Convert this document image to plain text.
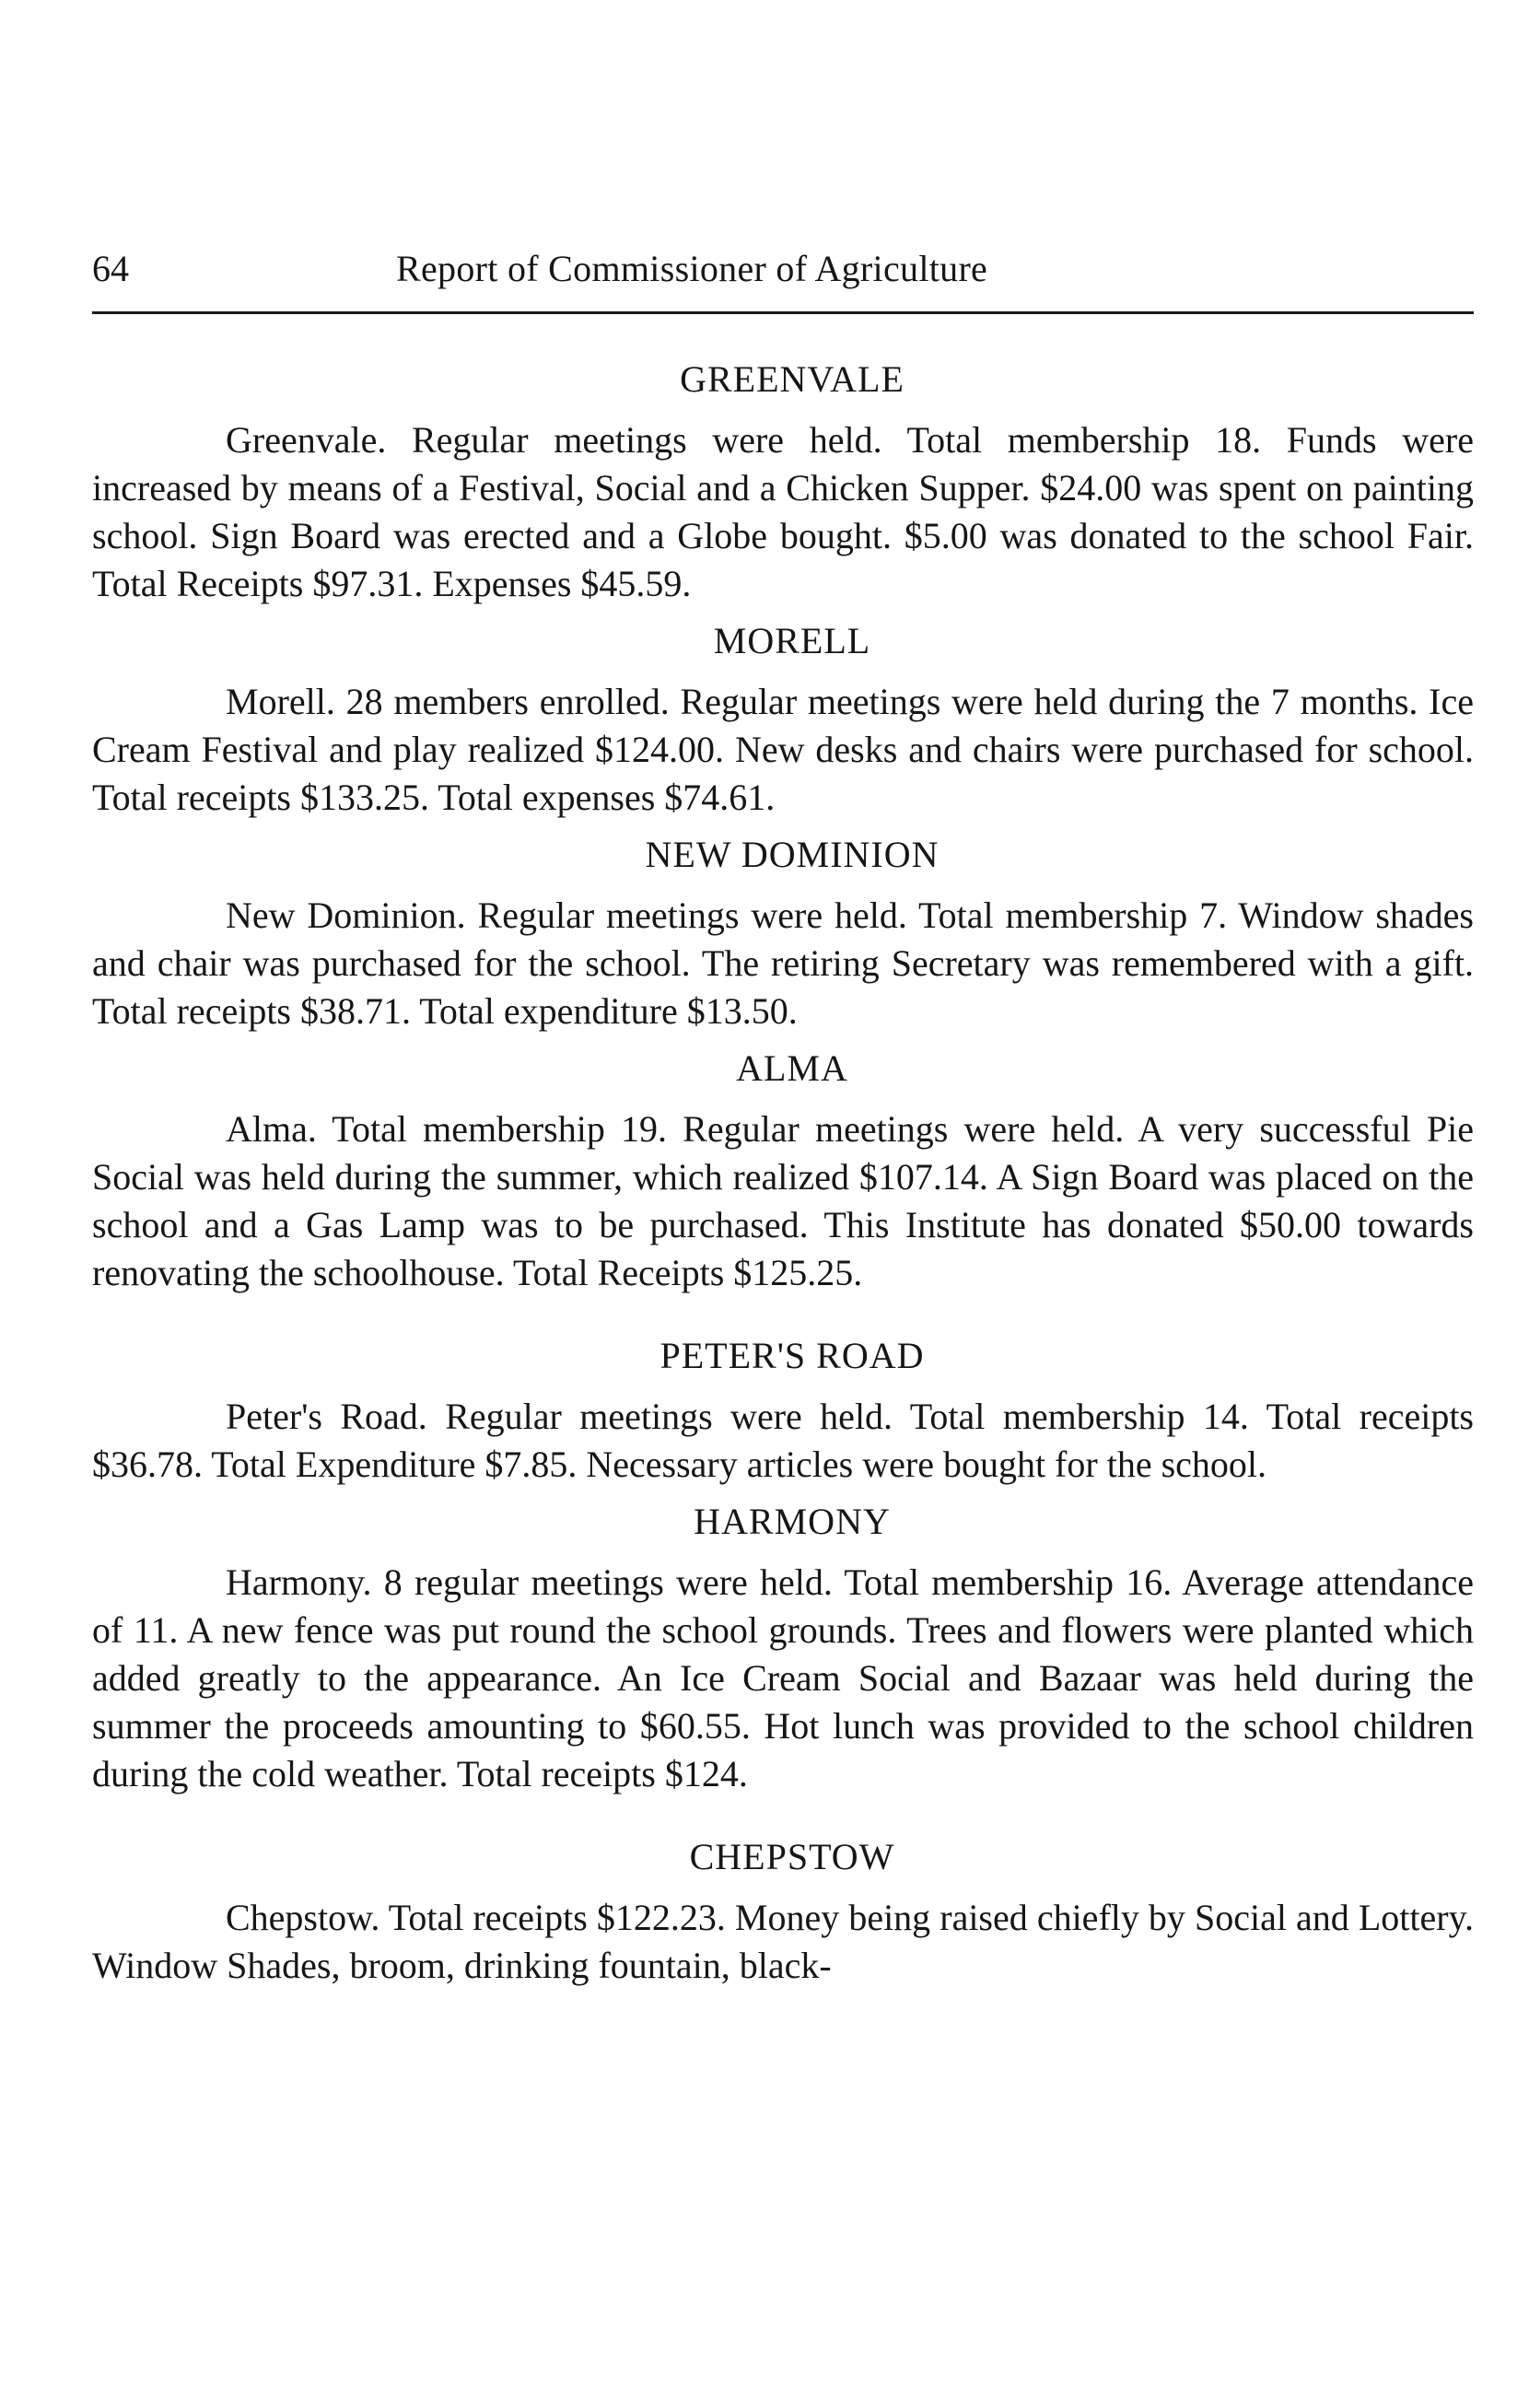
64	Report of Commissioner of Agriculture
GREENVALE

Greenvale. Regular meetings were held. Total membership 18. Funds were increased by means of a Festival, Social and a Chicken Supper. $24.00 was spent on painting school. Sign Board was erected and a Globe bought. $5.00 was donated to the school Fair. Total Receipts $97.31. Expenses $45.59.

MORELL

Morell. 28 members enrolled. Regular meetings were held during the 7 months. Ice Cream Festival and play realized $124.00. New desks and chairs were purchased for school. Total receipts $133.25. Total expenses $74.61.

NEW DOMINION

New Dominion. Regular meetings were held. Total membership 7. Window shades and chair was purchased for the school. The retiring Secretary was remembered with a gift. Total receipts $38.71. Total expenditure $13.50.

ALMA

Alma. Total membership 19. Regular meetings were held. A very successful Pie Social was held during the summer, which realized $107.14. A Sign Board was placed on the school and a Gas Lamp was to be purchased. This Institute has donated $50.00 towards renovating the schoolhouse. Total Receipts $125.25.

PETER'S ROAD

Peter's Road. Regular meetings were held. Total membership 14. Total receipts $36.78. Total Expenditure $7.85. Necessary articles were bought for the school.

HARMONY

Harmony. 8 regular meetings were held. Total membership 16. Average attendance of 11. A new fence was put round the school grounds. Trees and flowers were planted which added greatly to the appearance. An Ice Cream Social and Bazaar was held during the summer the proceeds amounting to $60.55. Hot lunch was provided to the school children during the cold weather. Total receipts $124.

CHEPSTOW

Chepstow. Total receipts $122.23. Money being raised chiefly by Social and Lottery. Window Shades, broom, drinking fountain, black-
